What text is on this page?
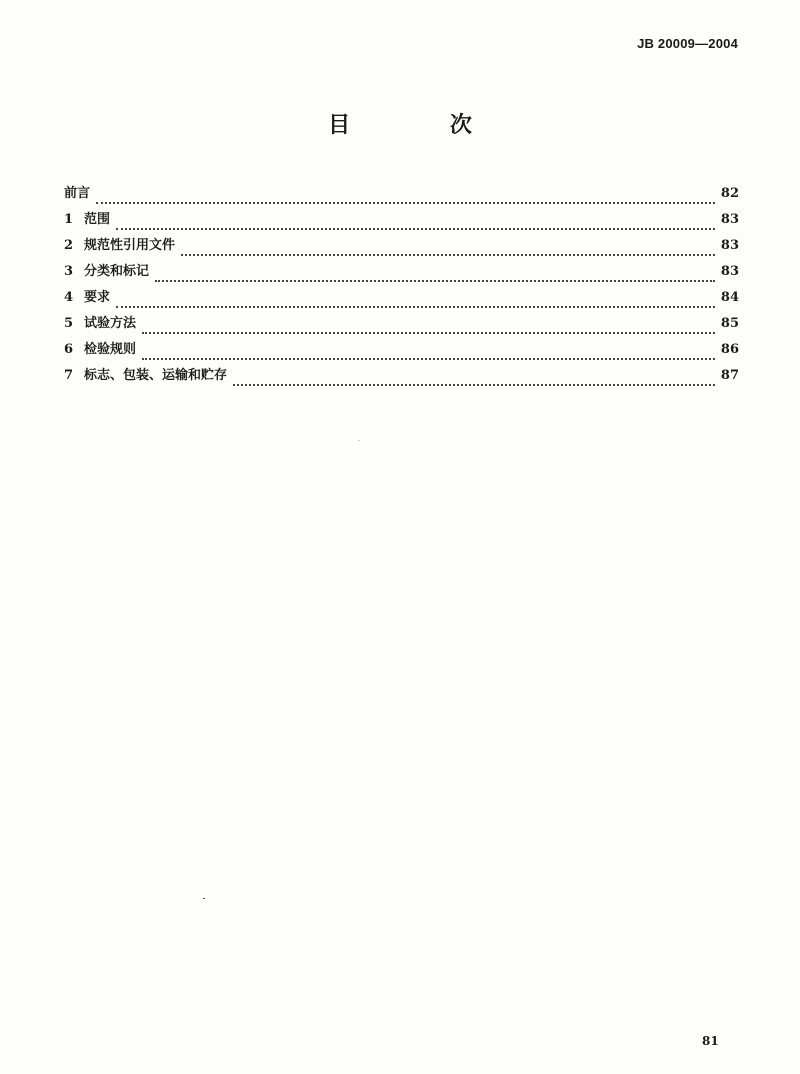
JB 20009—2004
目 次
前言	82
1 范围	83
2 规范性引用文件	83
3 分类和标记	83
4 要求	84
5 试验方法	85
6 检验规则	86
7 标志、包装、运输和贮存	87
81
